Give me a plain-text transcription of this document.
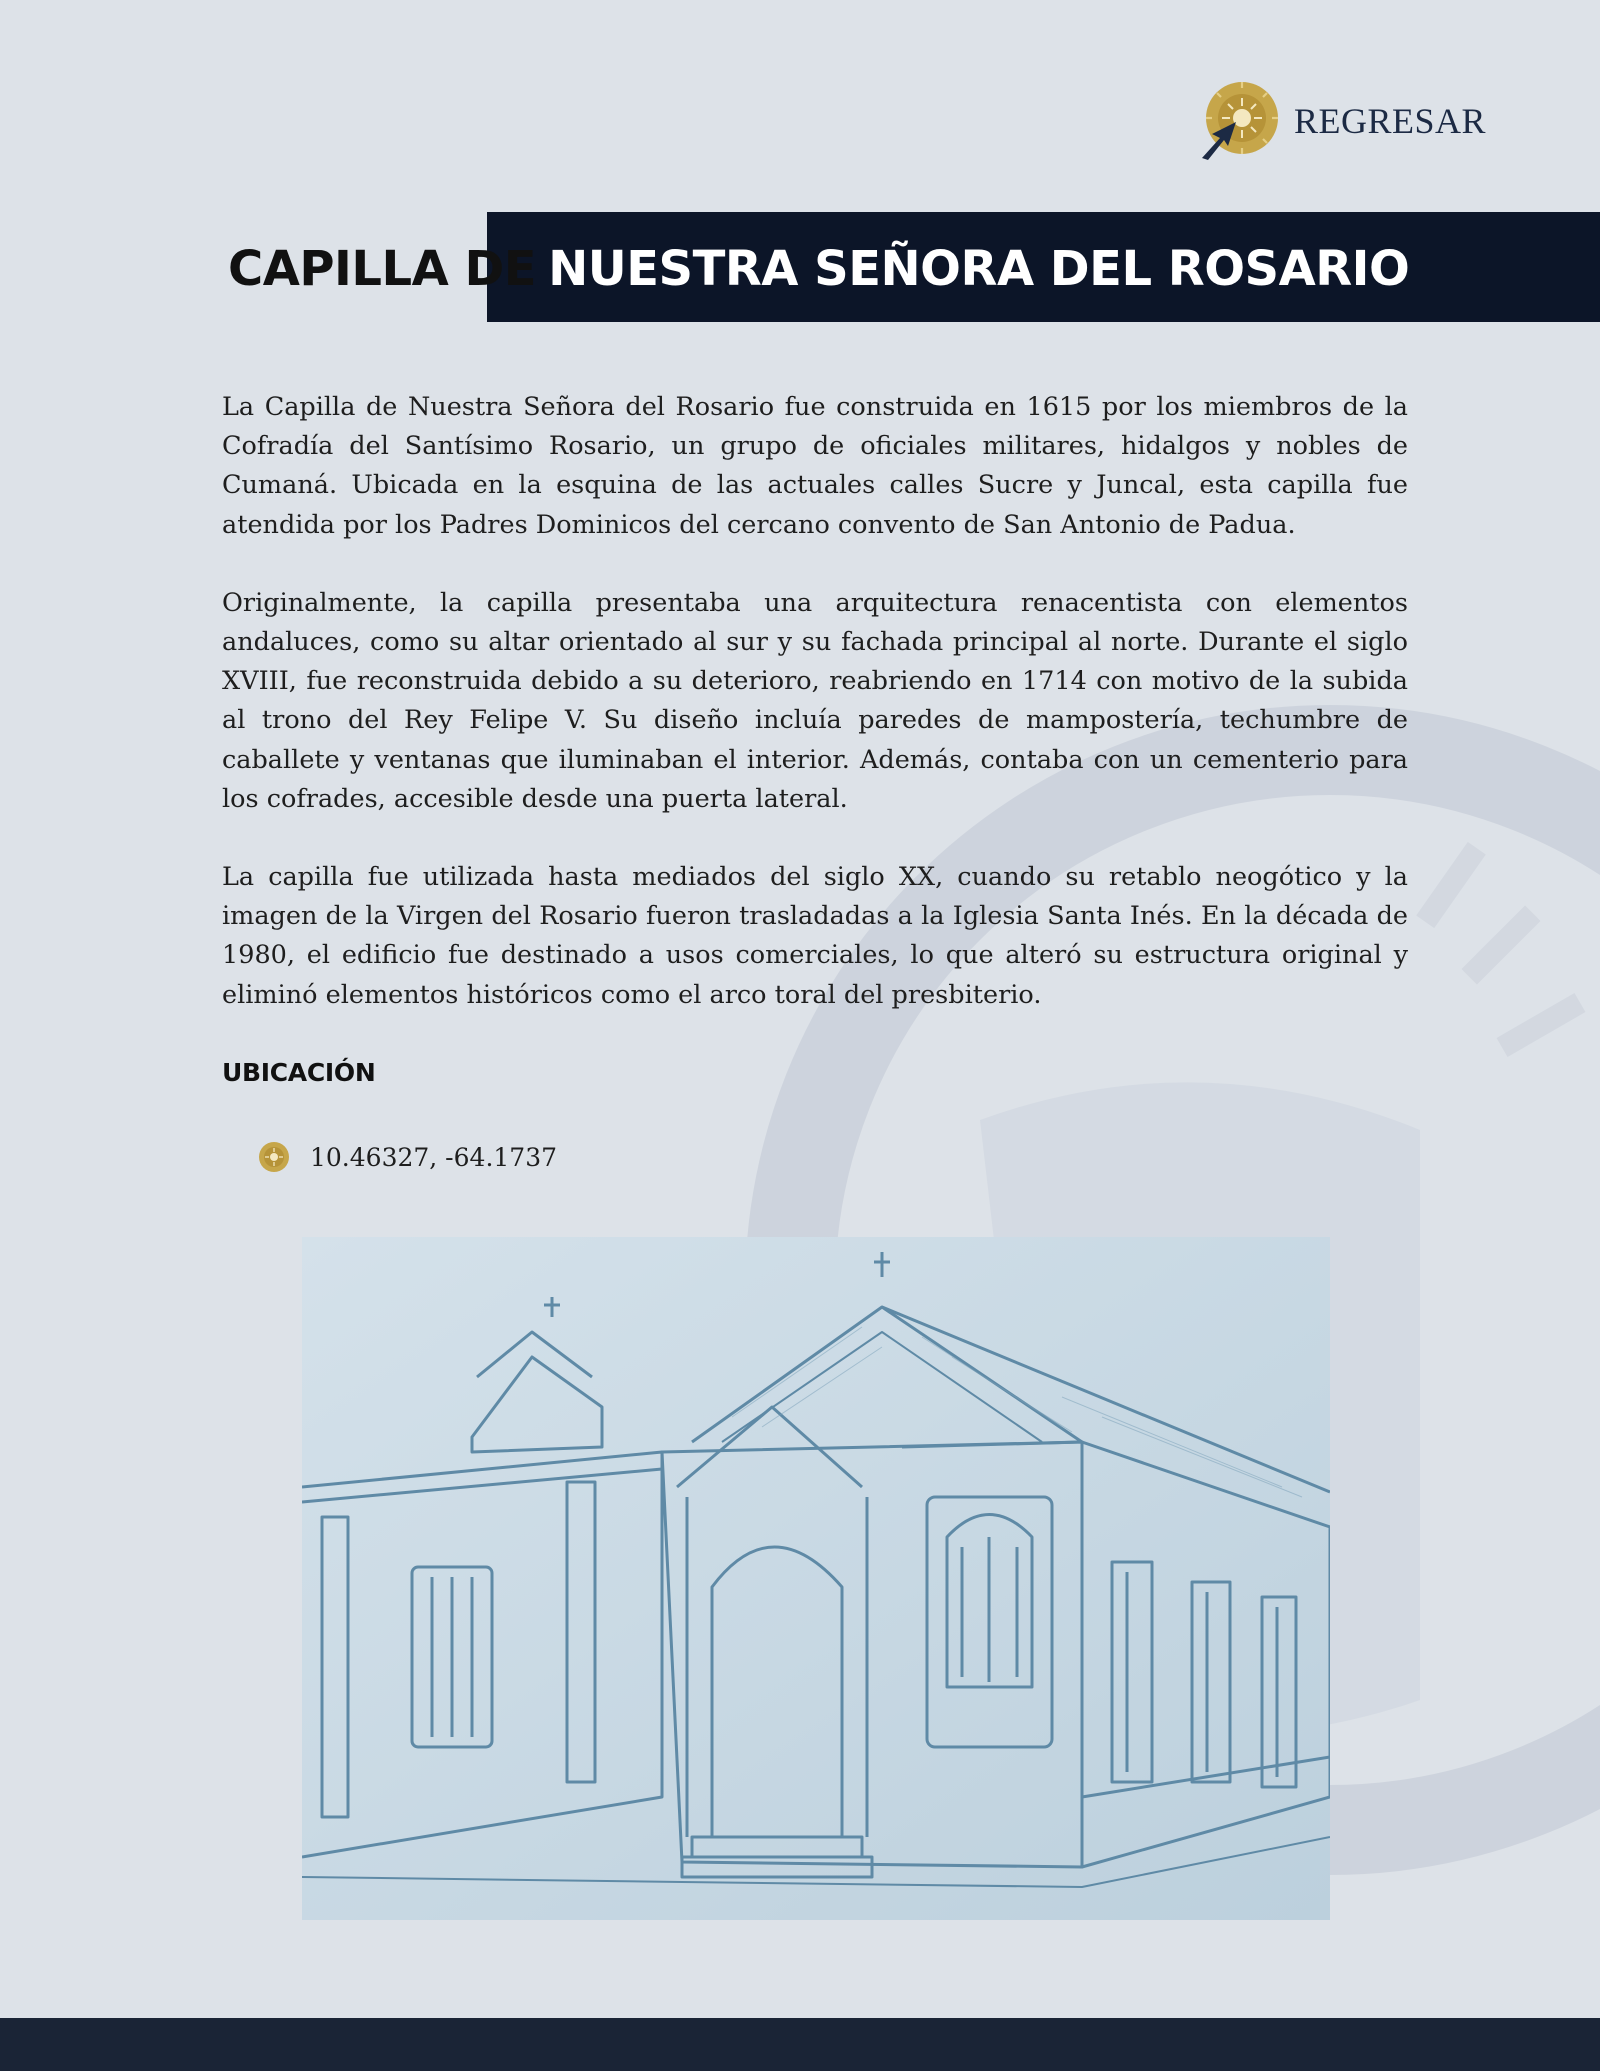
REGRESAR
CAPILLA DE NUESTRA SEÑORA DEL ROSARIO

La Capilla de Nuestra Señora del Rosario fue construida en 1615 por los miembros de la Cofradía del Santísimo Rosario, un grupo de oficiales militares, hidalgos y nobles de Cumaná. Ubicada en la esquina de las actuales calles Sucre y Juncal, esta capilla fue atendida por los Padres Dominicos del cercano convento de San Antonio de Padua.

Originalmente, la capilla presentaba una arquitectura renacentista con elementos andaluces, como su altar orientado al sur y su fachada principal al norte. Durante el siglo XVIII, fue reconstruida debido a su deterioro, reabriendo en 1714 con motivo de la subida al trono del Rey Felipe V. Su diseño incluía paredes de mampostería, techumbre de caballete y ventanas que iluminaban el interior. Además, contaba con un cementerio para los cofrades, accesible desde una puerta lateral.

La capilla fue utilizada hasta mediados del siglo XX, cuando su retablo neogótico y la imagen de la Virgen del Rosario fueron trasladadas a la Iglesia Santa Inés. En la década de 1980, el edificio fue destinado a usos comerciales, lo que alteró su estructura original y eliminó elementos históricos como el arco toral del presbiterio.

UBICACIÓN
10.46327, -64.1737
